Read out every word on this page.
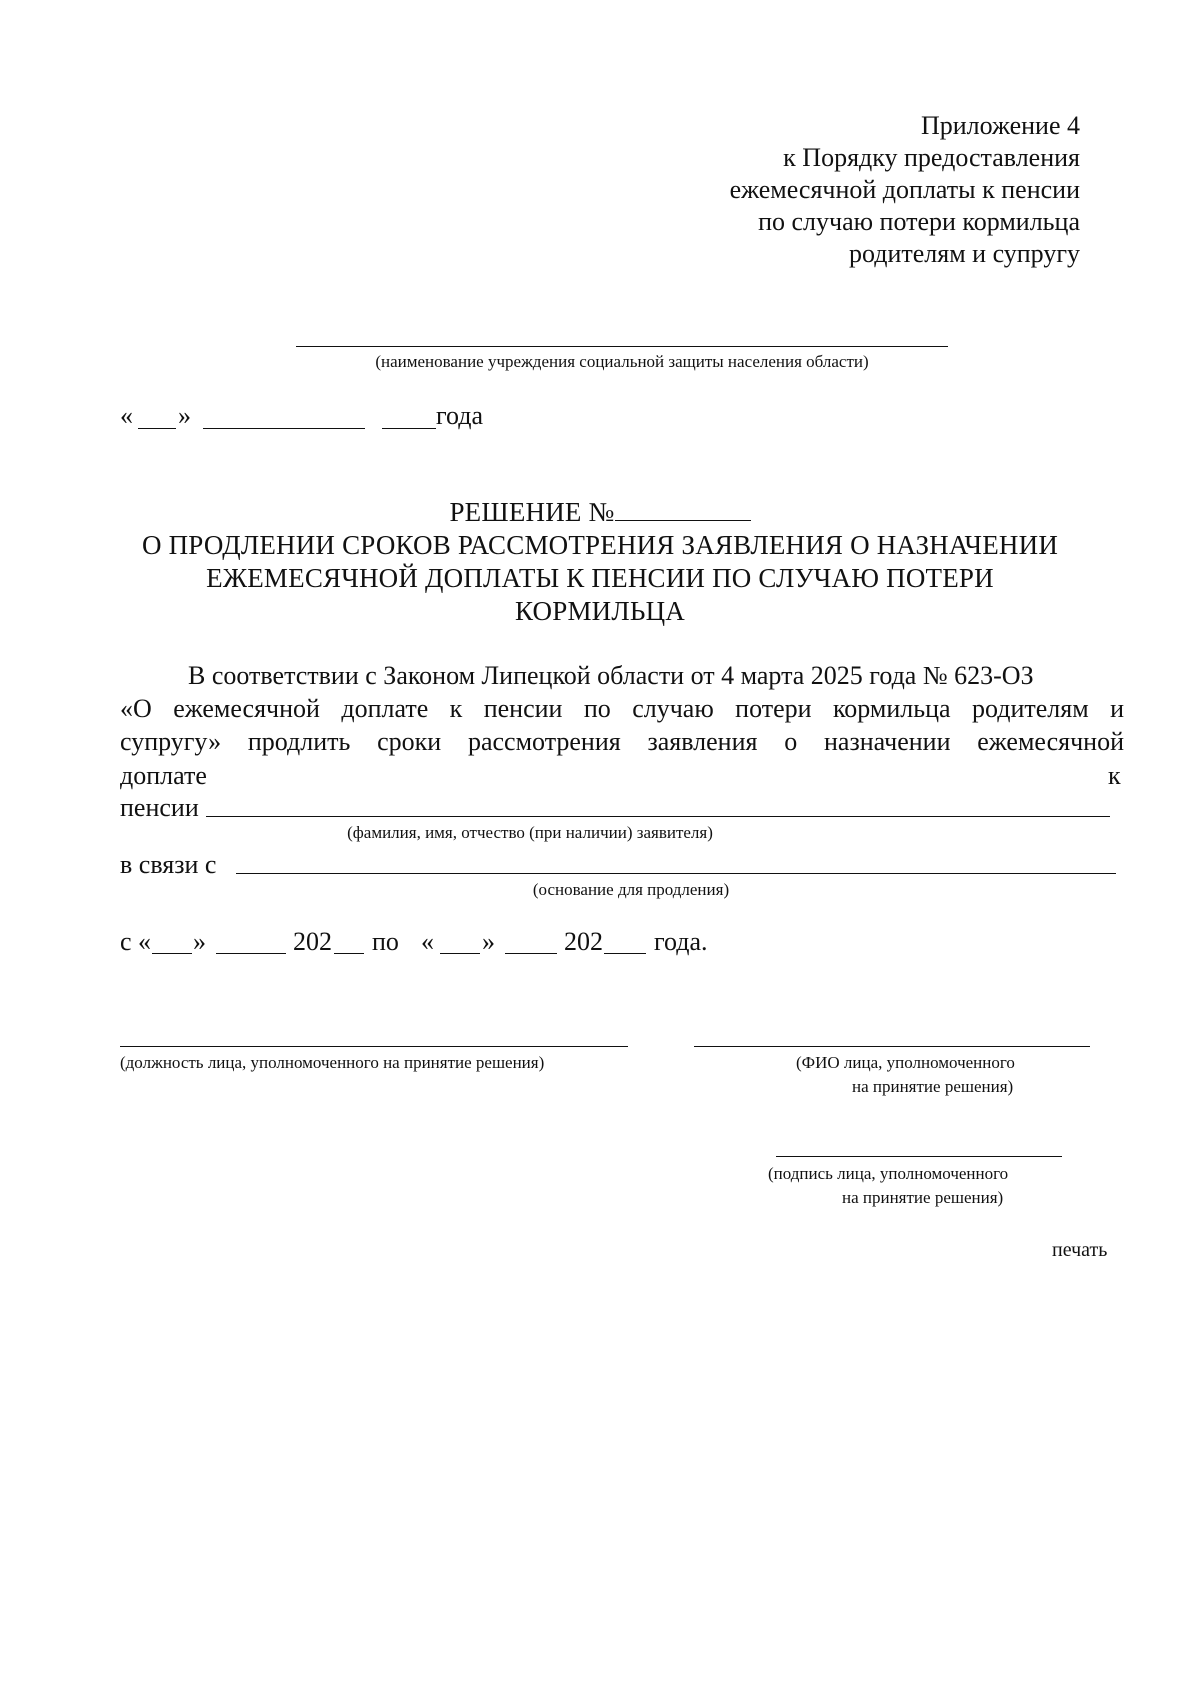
Приложение 4
к Порядку предоставления
ежемесячной доплаты к пенсии
по случаю потери кормильца
родителям и супругу
(наименование учреждения социальной защиты населения области)
« »	года
РЕШЕНИЕ №
О ПРОДЛЕНИИ СРОКОВ РАССМОТРЕНИЯ ЗАЯВЛЕНИЯ О НАЗНАЧЕНИИ
ЕЖЕМЕСЯЧНОЙ ДОПЛАТЫ К ПЕНСИИ ПО СЛУЧАЮ ПОТЕРИ
КОРМИЛЬЦА
В соответствии с Законом Липецкой области от 4 марта 2025 года № 623-ОЗ
«О ежемесячной доплате к пенсии по случаю потери кормильца родителям и
супругу» продлить сроки рассмотрения заявления о назначении ежемесячной
доплате	к
пенсии
(фамилия, имя, отчество (при наличии) заявителя)
в связи с
(основание для продления)
с « »	202 по « »	202 года.
(должность лица, уполномоченного на принятие решения)	(ФИО лица, уполномоченного
на принятие решения)
(подпись лица, уполномоченного
на принятие решения)
печать
